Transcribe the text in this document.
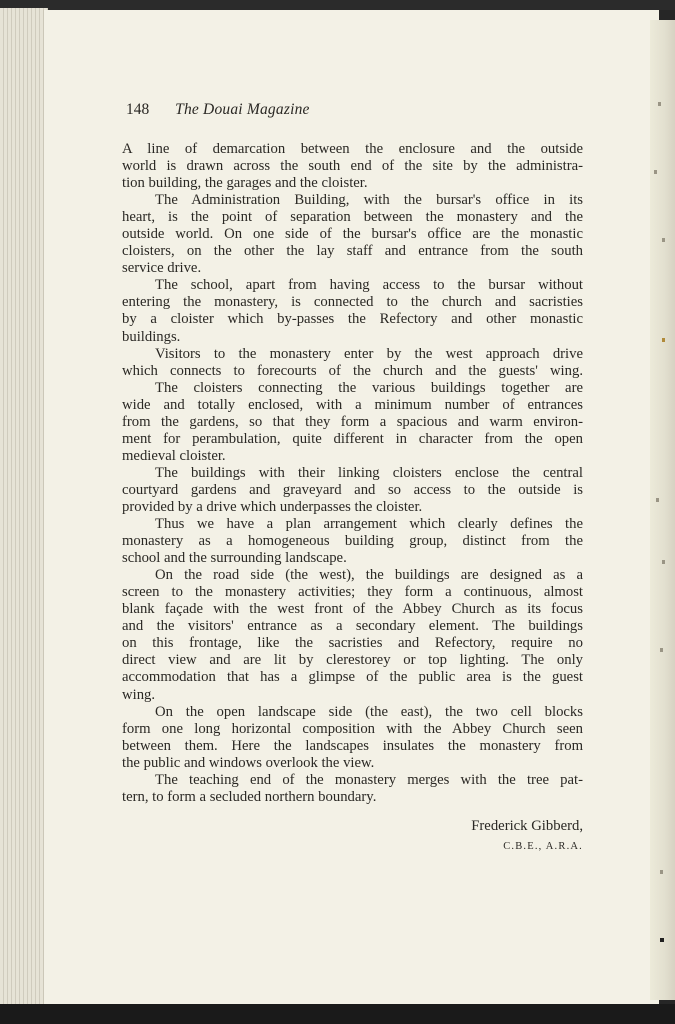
148 The Douai Magazine

A line of demarcation between the enclosure and the outside
world is drawn across the south end of the site by the administra-
tion building, the garages and the cloister.

The Administration Building, with the bursar's office in its
heart, is the point of separation between the monastery and the
outside world. On one side of the bursar's office are the monastic
cloisters, on the other the lay staff and entrance from the south
service drive.

The school, apart from having access to the bursar without
entering the monastery, is connected to the church and sacristies
by a cloister which by-passes the Refectory and other monastic
buildings.

Visitors to the monastery enter by the west approach drive
which connects to forecourts of the church and the guests' wing.

The cloisters connecting the various buildings together are
wide and totally enclosed, with a minimum number of entrances
from the gardens, so that they form a spacious and warm environ-
ment for perambulation, quite different in character from the open
medieval cloister.

The buildings with their linking cloisters enclose the central
courtyard gardens and graveyard and so access to the outside is
provided by a drive which underpasses the cloister.

Thus we have a plan arrangement which clearly defines the
monastery as a homogeneous building group, distinct from the
school and the surrounding landscape.

On the road side (the west), the buildings are designed as a
screen to the monastery activities; they form a continuous, almost
blank façade with the west front of the Abbey Church as its focus
and the visitors' entrance as a secondary element. The buildings
on this frontage, like the sacristies and Refectory, require no
direct view and are lit by clerestorey or top lighting. The only
accommodation that has a glimpse of the public area is the guest
wing.

On the open landscape side (the east), the two cell blocks
form one long horizontal composition with the Abbey Church seen
between them. Here the landscapes insulates the monastery from
the public and windows overlook the view.

The teaching end of the monastery merges with the tree pat-
tern, to form a secluded northern boundary.

Frederick Gibberd,
C.B.E., A.R.A.
